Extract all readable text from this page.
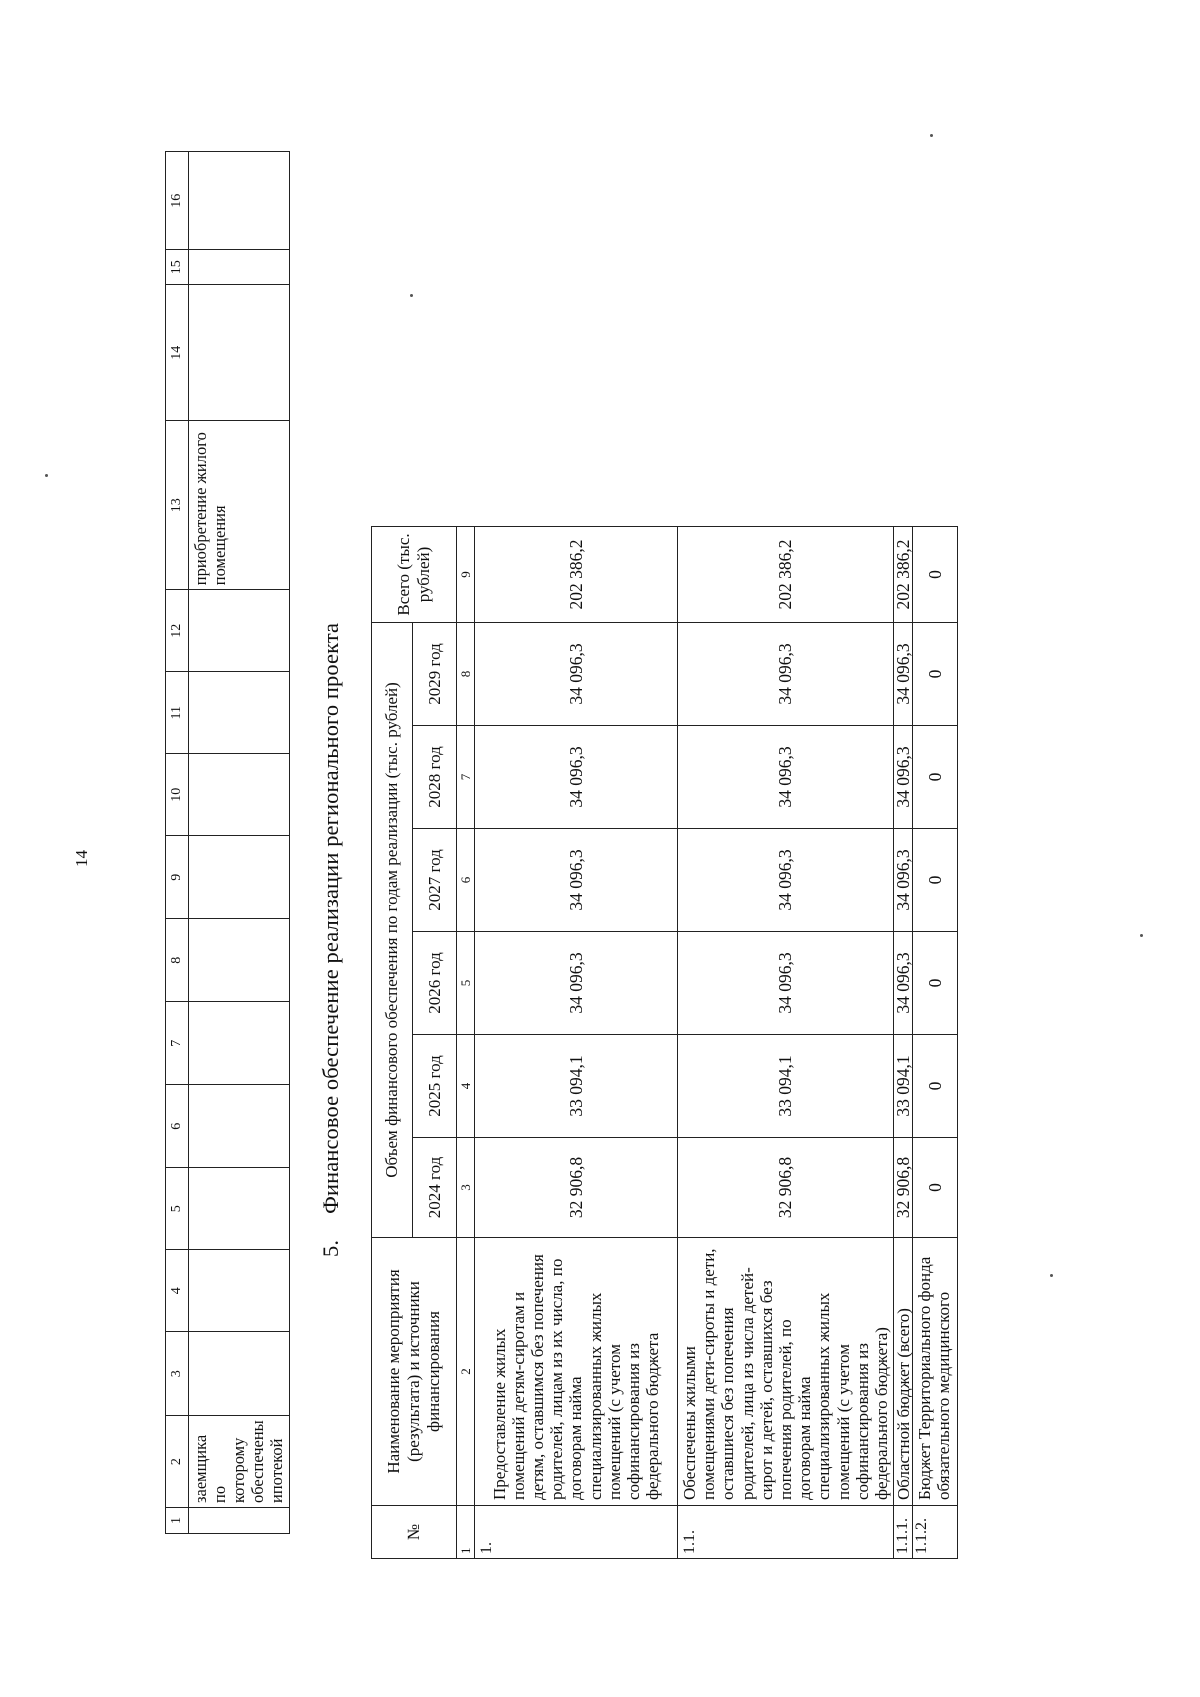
14
1	2	3	4	5	6	7	8	9	10	11	12	13	14	15	16
	заемщика по которому обеспечены ипотекой											приобретение жилого помещения			
5.Финансовое обеспечение реализации регионального проекта
№	Наименование мероприятия (результата) и источники финансирования	Объем финансового обеспечения по годам реализации (тыс. рублей)						Всего (тыс. рублей)
		2024 год	2025 год	2026 год	2027 год	2028 год	2029 год	
1	2	3	4	5	6	7	8	9
1.	Предоставление жилых помещений детям-сиротам и детям, оставшимся без попечения родителей, лицам из их числа, по договорам найма специализированных жилых помещений (с учетом софинансирования из федерального бюджета	32 906,8	33 094,1	34 096,3	34 096,3	34 096,3	34 096,3	202 386,2
1.1.	Обеспечены жилыми помещениями дети-сироты и дети, оставшиеся без попечения родителей, лица из числа детей-сирот и детей, оставшихся без попечения родителей, по договорам найма специализированных жилых помещений (с учетом софинансирования из федерального бюджета)	32 906,8	33 094,1	34 096,3	34 096,3	34 096,3	34 096,3	202 386,2
1.1.1.	Областной бюджет (всего)	32 906,8	33 094,1	34 096,3	34 096,3	34 096,3	34 096,3	202 386,2
1.1.2.	Бюджет Территориального фонда обязательного медицинского	0	0	0	0	0	0	0
